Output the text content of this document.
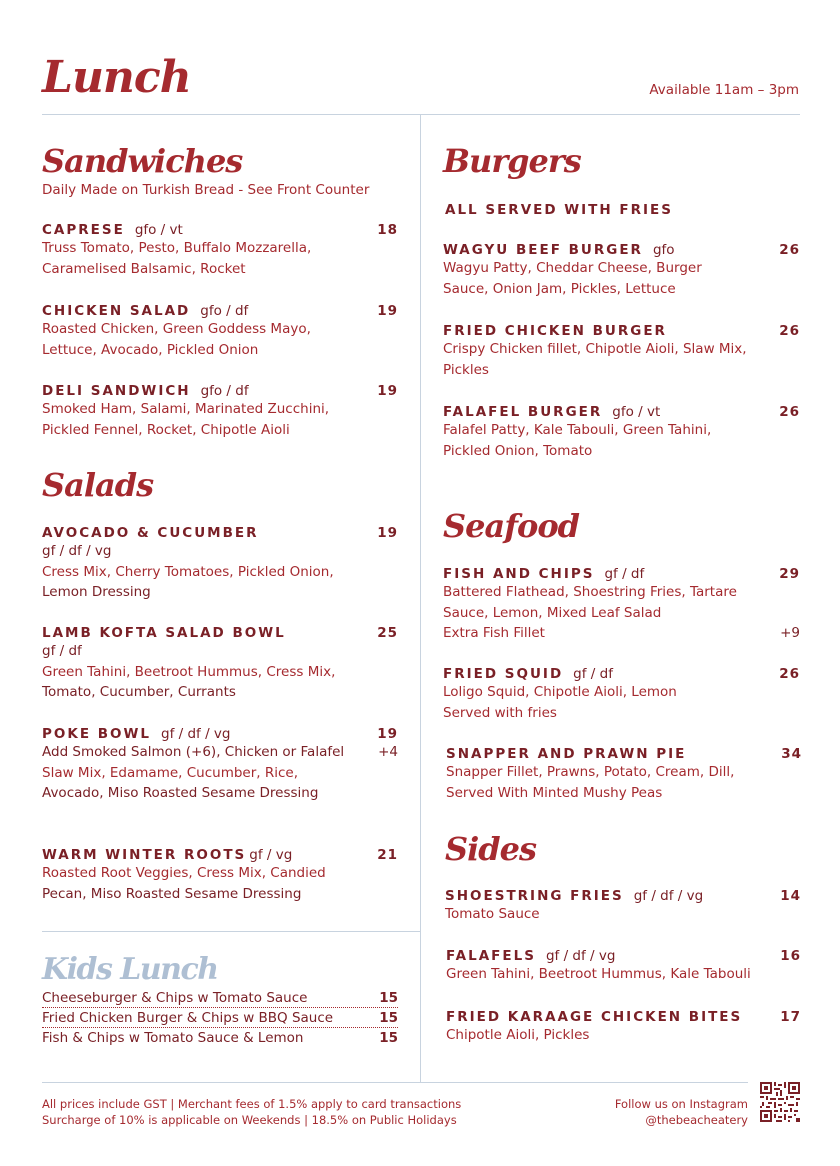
Lunch	Available 11am – 3pm
Sandwiches
Daily Made on Turkish Bread - See Front Counter
CAPRESE gfo / vt	18
Truss Tomato, Pesto, Buffalo Mozzarella,
Caramelised Balsamic, Rocket
CHICKEN SALAD gfo / df	19
Roasted Chicken, Green Goddess Mayo,
Lettuce, Avocado, Pickled Onion
DELI SANDWICH gfo / df	19
Smoked Ham, Salami, Marinated Zucchini,
Pickled Fennel, Rocket, Chipotle Aioli
Salads
AVOCADO & CUCUMBER	19
gf / df / vg
Cress Mix, Cherry Tomatoes, Pickled Onion,
Lemon Dressing
LAMB KOFTA SALAD BOWL	25
gf / df
Green Tahini, Beetroot Hummus, Cress Mix,
Tomato, Cucumber, Currants
POKE BOWL gf / df / vg	19
Add Smoked Salmon (+6), Chicken or Falafel	+4
Slaw Mix, Edamame, Cucumber, Rice,
Avocado, Miso Roasted Sesame Dressing
WARM WINTER ROOTS gf / vg	21
Roasted Root Veggies, Cress Mix, Candied
Pecan, Miso Roasted Sesame Dressing
Kids Lunch
Cheeseburger & Chips w Tomato Sauce	15
Fried Chicken Burger & Chips w BBQ Sauce	15
Fish & Chips w Tomato Sauce & Lemon	15
Burgers
ALL SERVED WITH FRIES
WAGYU BEEF BURGER gfo	26
Wagyu Patty, Cheddar Cheese, Burger
Sauce, Onion Jam, Pickles, Lettuce
FRIED CHICKEN BURGER	26
Crispy Chicken fillet, Chipotle Aioli, Slaw Mix,
Pickles
FALAFEL BURGER gfo / vt	26
Falafel Patty, Kale Tabouli, Green Tahini,
Pickled Onion, Tomato
Seafood
FISH AND CHIPS gf / df	29
Battered Flathead, Shoestring Fries, Tartare
Sauce, Lemon, Mixed Leaf Salad
Extra Fish Fillet	+9
FRIED SQUID gf / df	26
Loligo Squid, Chipotle Aioli, Lemon
Served with fries
SNAPPER AND PRAWN PIE	34
Snapper Fillet, Prawns, Potato, Cream, Dill,
Served With Minted Mushy Peas
Sides
SHOESTRING FRIES gf / df / vg	14
Tomato Sauce
FALAFELS gf / df / vg	16
Green Tahini, Beetroot Hummus, Kale Tabouli
FRIED KARAAGE CHICKEN BITES	17
Chipotle Aioli, Pickles
All prices include GST | Merchant fees of 1.5% apply to card transactions
Surcharge of 10% is applicable on Weekends | 18.5% on Public Holidays
Follow us on Instagram
@thebeacheatery
